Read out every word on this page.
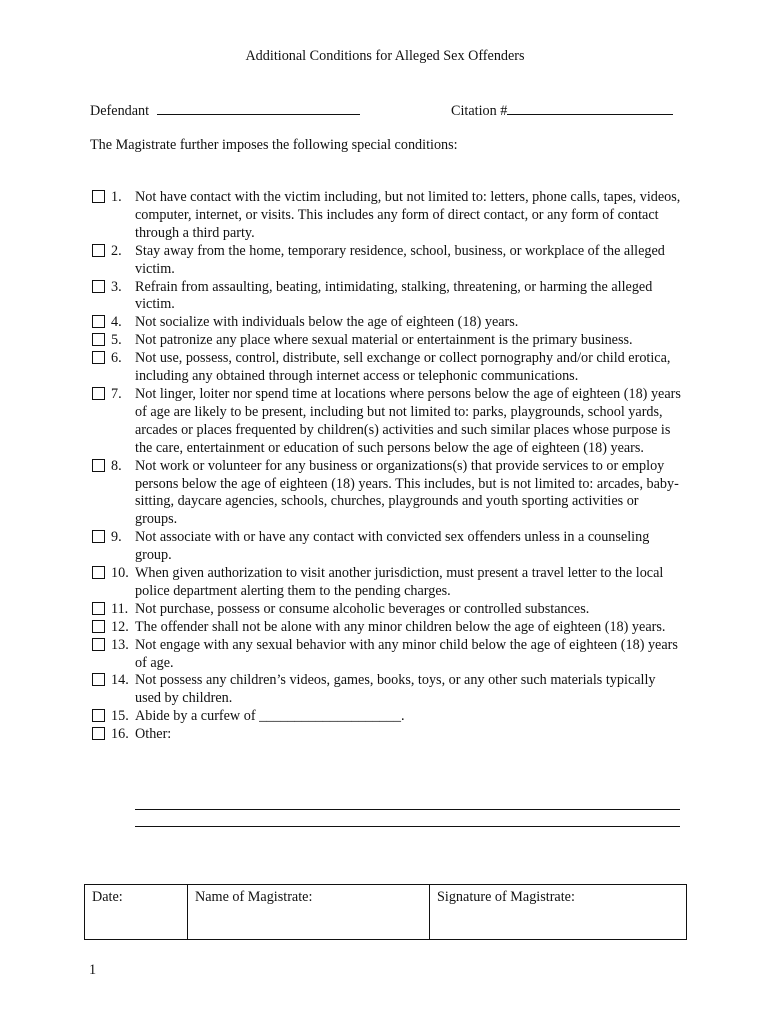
Additional Conditions for Alleged Sex Offenders
Defendant	Citation #
The Magistrate further imposes the following special conditions:
1. Not have contact with the victim including, but not limited to: letters, phone calls, tapes, videos, computer, internet, or visits. This includes any form of direct contact, or any form of contact through a third party.
2. Stay away from the home, temporary residence, school, business, or workplace of the alleged victim.
3. Refrain from assaulting, beating, intimidating, stalking, threatening, or harming the alleged victim.
4. Not socialize with individuals below the age of eighteen (18) years.
5. Not patronize any place where sexual material or entertainment is the primary business.
6. Not use, possess, control, distribute, sell exchange or collect pornography and/or child erotica, including any obtained through internet access or telephonic communications.
7. Not linger, loiter nor spend time at locations where persons below the age of eighteen (18) years of age are likely to be present, including but not limited to: parks, playgrounds, school yards, arcades or places frequented by children(s) activities and such similar places whose purpose is the care, entertainment or education of such persons below the age of eighteen (18) years.
8. Not work or volunteer for any business or organizations(s) that provide services to or employ persons below the age of eighteen (18) years. This includes, but is not limited to: arcades, baby-sitting, daycare agencies, schools, churches, playgrounds and youth sporting activities or groups.
9. Not associate with or have any contact with convicted sex offenders unless in a counseling group.
10. When given authorization to visit another jurisdiction, must present a travel letter to the local police department alerting them to the pending charges.
11. Not purchase, possess or consume alcoholic beverages or controlled substances.
12. The offender shall not be alone with any minor children below the age of eighteen (18) years.
13. Not engage with any sexual behavior with any minor child below the age of eighteen (18) years of age.
14. Not possess any children’s videos, games, books, toys, or any other such materials typically used by children.
15. Abide by a curfew of ____________________.
16. Other:
Date:	Name of Magistrate:	Signature of Magistrate:
1
